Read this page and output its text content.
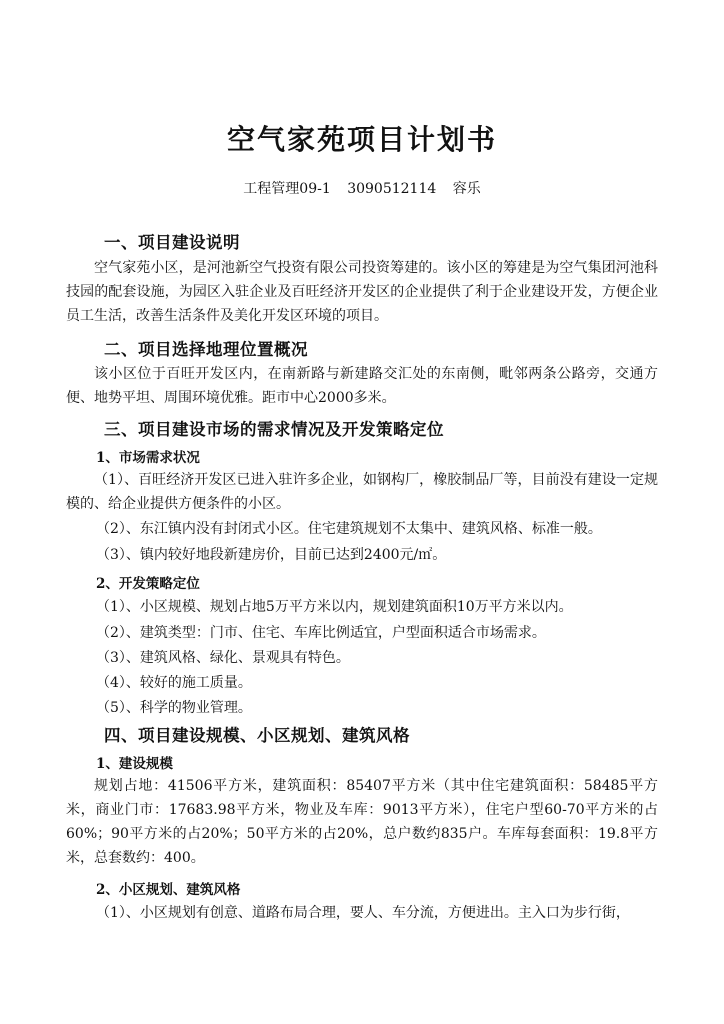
空气家苑项目计划书
工程管理09-1 3090512114 容乐
一、项目建设说明

空气家苑小区，是河池新空气投资有限公司投资筹建的。该小区的筹建是为空气集团河池科技园的配套设施，为园区入驻企业及百旺经济开发区的企业提供了利于企业建设开发，方便企业员工生活，改善生活条件及美化开发区环境的项目。

二、项目选择地理位置概况

该小区位于百旺开发区内，在南新路与新建路交汇处的东南侧，毗邻两条公路旁，交通方便、地势平坦、周围环境优雅。距市中心2000多米。

三、项目建设市场的需求情况及开发策略定位
1、市场需求状况

（1）、百旺经济开发区已进入驻许多企业，如钢构厂，橡胶制品厂等，目前没有建设一定规模的、给企业提供方便条件的小区。

（2）、东江镇内没有封闭式小区。住宅建筑规划不太集中、建筑风格、标准一般。

（3）、镇内较好地段新建房价，目前已达到2400元/㎡。

2、开发策略定位

（1）、小区规模、规划占地5万平方米以内，规划建筑面积10万平方米以内。

（2）、建筑类型：门市、住宅、车库比例适宜，户型面积适合市场需求。

（3）、建筑风格、绿化、景观具有特色。

（4）、较好的施工质量。

（5）、科学的物业管理。

四、项目建设规模、小区规划、建筑风格
1、建设规模

规划占地：41506平方米，建筑面积：85407平方米（其中住宅建筑面积：58485平方米，商业门市：17683.98平方米，物业及车库：9013平方米），住宅户型60-70平方米的占60%；90平方米的占20%；50平方米的占20%，总户数约835户。车库每套面积：19.8平方米，总套数约：400。

2、小区规划、建筑风格

（1）、小区规划有创意、道路布局合理，要人、车分流，方便进出。主入口为步行街，
